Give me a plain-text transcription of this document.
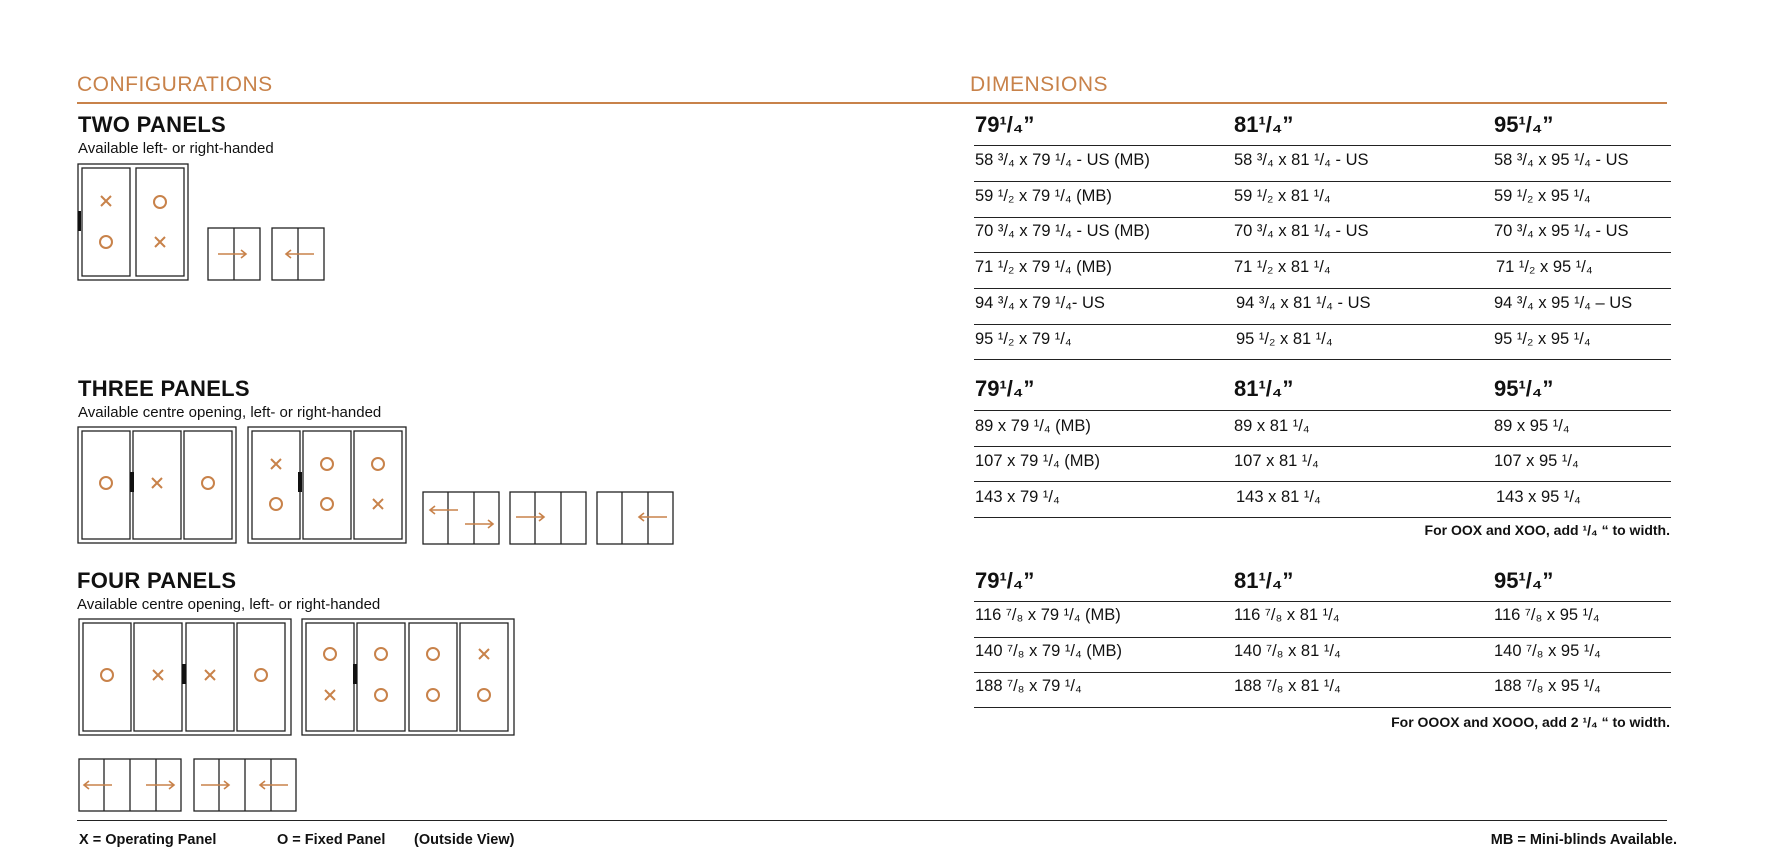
CONFIGURATIONS	DIMENSIONS
TWO PANELS
Available left- or right-handed
THREE PANELS
Available centre opening, left- or right-handed
FOUR PANELS
Available centre opening, left- or right-handed
79¹/₄”	81¹/₄”	95¹/₄”
58 ³/₄ x 79 ¹/₄ - US (MB)	58 ³/₄ x 81 ¹/₄ - US	58 ³/₄ x 95 ¹/₄ - US
59 ¹/₂ x 79 ¹/₄ (MB)	59 ¹/₂ x 81 ¹/₄	59 ¹/₂ x 95 ¹/₄
70 ³/₄ x 79 ¹/₄ - US (MB)	70 ³/₄ x 81 ¹/₄ - US	70 ³/₄ x 95 ¹/₄ - US
71 ¹/₂ x 79 ¹/₄ (MB)	71 ¹/₂ x 81 ¹/₄	71 ¹/₂ x 95 ¹/₄
94 ³/₄ x 79 ¹/₄- US	94 ³/₄ x 81 ¹/₄ - US	94 ³/₄ x 95 ¹/₄ – US
95 ¹/₂ x 79 ¹/₄	95 ¹/₂ x 81 ¹/₄	95 ¹/₂ x 95 ¹/₄
79¹/₄”	81¹/₄”	95¹/₄”
89 x 79 ¹/₄ (MB)	89 x 81 ¹/₄	89 x 95 ¹/₄
107 x 79 ¹/₄ (MB)	107 x 81 ¹/₄	107 x 95 ¹/₄
143 x 79 ¹/₄	143 x 81 ¹/₄	143 x 95 ¹/₄
For OOX and XOO, add ¹/₄ “ to width.
79¹/₄”	81¹/₄”	95¹/₄”
116 ⁷/₈ x 79 ¹/₄ (MB)	116 ⁷/₈ x 81 ¹/₄	116 ⁷/₈ x 95 ¹/₄
140 ⁷/₈ x 79 ¹/₄ (MB)	140 ⁷/₈ x 81 ¹/₄	140 ⁷/₈ x 95 ¹/₄
188 ⁷/₈ x 79 ¹/₄	188 ⁷/₈ x 81 ¹/₄	188 ⁷/₈ x 95 ¹/₄
For OOOX and XOOO, add 2 ¹/₄ “ to width.
X = Operating Panel	O = Fixed Panel (Outside View)	MB = Mini-blinds Available.
